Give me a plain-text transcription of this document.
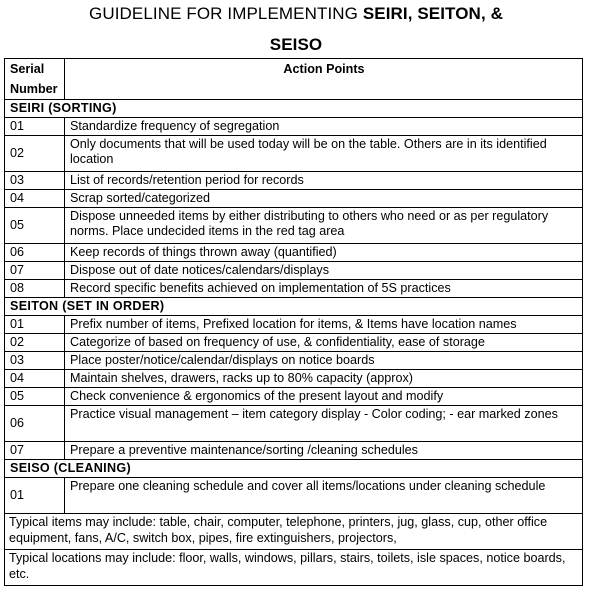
GUIDELINE FOR IMPLEMENTING SEIRI, SEITON, &
SEISO
Serial
Number	Action Points
SEIRI (SORTING)	
01	Standardize frequency of segregation
02	Only documents that will be used today will be on the table. Others are in its identified location
03	List of records/retention period for records
04	Scrap sorted/categorized
05	Dispose unneeded items by either distributing to others who need or as per regulatory norms. Place undecided items in the red tag area
06	Keep records of things thrown away (quantified)
07	Dispose out of date notices/calendars/displays
08	Record specific benefits achieved on implementation of 5S practices
SEITON (SET IN ORDER)	
01	Prefix number of items, Prefixed location for items, & Items have location names
02	Categorize of based on frequency of use, & confidentiality, ease of storage
03	Place poster/notice/calendar/displays on notice boards
04	Maintain shelves, drawers, racks up to 80% capacity (approx)
05	Check convenience & ergonomics of the present layout and modify
06	Practice visual management – item category display - Color coding; - ear marked zones
07	Prepare a preventive maintenance/sorting /cleaning schedules
SEISO (CLEANING)	
01	Prepare one cleaning schedule and cover all items/locations under cleaning schedule
Typical items may include: table, chair, computer, telephone, printers, jug, glass, cup, other office equipment, fans, A/C, switch box, pipes, fire extinguishers, projectors,	
Typical locations may include: floor, walls, windows, pillars, stairs, toilets, isle spaces, notice boards, etc.	
